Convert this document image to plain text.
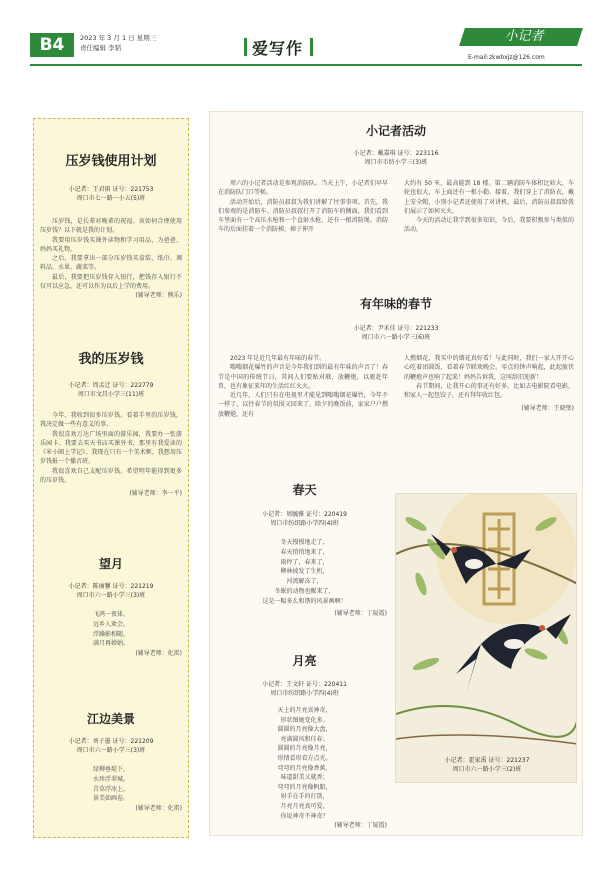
B4	2023 年 3 月 1 日 星期三
责任编辑 李韬	爱写作
小记者
E-mail:zkwbxjz@126.com
压岁钱使用计划
小记者：王君雨 证号：221753
周口市七一路一小五(5)班

压岁钱，是长辈对晚辈的祝福。该如何合理使用压岁钱？以下就是我的计划。

我要用压岁钱买课外读物和学习用品，为爸爸、妈妈买礼物。

之后，我要拿出一部分压岁钱买盒装、纸巾、调料品、水果、蔬菜等。

最后，我要把压岁钱存入银行，把钱存入银行不仅可以应急，还可以作为以后上学的费用。

(辅导老师：熊乐)
我的压岁钱
小记者：周孟迁 证号：222779
周口市文昌小学三(11)班

今年，我收到很多压岁钱。看着手里的压岁钱，我决定做一些有意义的事。

我很喜欢万达广场里面的游乐园，我要办一张游乐园卡。我要去买天书店买课外书，那里有我爱读的《米小圈上学记》。我现在只有一个美术框，我想用压岁钱报一个播音班。

我很喜欢自己支配压岁钱。希望明年能得到更多的压岁钱。

(辅导老师：李一平)
望月
小记者：陈丽馨 证号：221219
周口市六一路小学三(3)班
飞鸿一夜体，
远乡人欢会。
浮躁影相随，
满月再婵娟。
(辅导老师：化雷)
江边美景
小记者：刘子墨 证号：221209
周口市六一路小学三(3)班
绿柳垂堤下，
水珍浮翠城。
青草浮冰上，
景美如画卷。
(辅导老师：化雷)
小记者活动
小记者：戴嘉琪 证号：223116
周口市市纺小学三(3)班

周六的小记者活动是参观消防队。当天上午，小记者们早早在消防队门口等候。

活动开始后，消防员叔叔为我们讲解了往事事项。首先，我们参观的是消防车。消防员叔叔打开了消防车的侧面，我们看到车里面有一个高压水枪和一个直射水枪，还有一根消防绳。消防车的后面挂着一个消防梯，梯子伸开

大约有 50 米，最高能到 18 楼。第二辆消防车体积比较大，车轮也很大，车上面还有一根小勒。接着，我们穿上了消防衣，戴上安全帽，小别小记者还使用了对讲机。最后，消防员叔叔给我们展示了如何灭火。

今天的活动让我学到很多知识，今后，我要积极参与类似的活动。

有年味的春节
小记者：尹禾佳 证号：221233
周口市六一路小学三(6)班

2023 年是近几年最有年味的春节。

嗡嗡烟花爆竹的声音是今年我们到的最有年味的声音了！春节是中国的传统节日，其间人们要贴对联、放鞭炮，以驱赶年兽，也有象征来年的生活红红火火。

近几年，人们只有在电视里才能见到嗡嗡烟花爆竹，今年不一样了，以往春节的氛围又回来了。除夕的晚饭前，家家户户燃放鞭炮，还有

人燃烟花，我买中的烟花真好看！与此同时，我们一家人开开心心吃着团圆饭，看着春节联欢晚会。零点的钟声响起，此起彼伏的鞭炮声也响了起来！妈妈告诉我，这叫辞旧迎新！

春节期间，让我开心的事还有好多，比如去电影院看电影，和家人一起包饺子，还有拜年收红包。

(辅导老师：王晓璧)
春天
小记者：周毓雅 证号：220419
周口市纺织路小学四(4)班
冬天慢慢地走了，
春天悄悄地来了，
雨停了，春来了，
柳林披发了生机，
河流解冻了，
冬眠的动物也醒来了，
这是一幅多么和谐的风景画啊！
(辅导老师：丁厦霞)
月亮
小记者：王文轩 证号：220411
周口市纺织路小学四(4)班
天上的月亮真神奇，
形状图她变化多。
圆圆的月亮像大盘，
亮满圆风和佳春；
圆圆的月亮像月亮，
形情看形看方点光。
弯弯的月亮像香蕉，
味道甜美又就香；
弯弯的月亮像帆船，
射手在手的打箭，
月亮月亮真可爱，
你说神奇不神奇？
(辅导老师：丁厦霞)
小记者：霍家禹 证号：221237
周口市六一路小学三(2)班
